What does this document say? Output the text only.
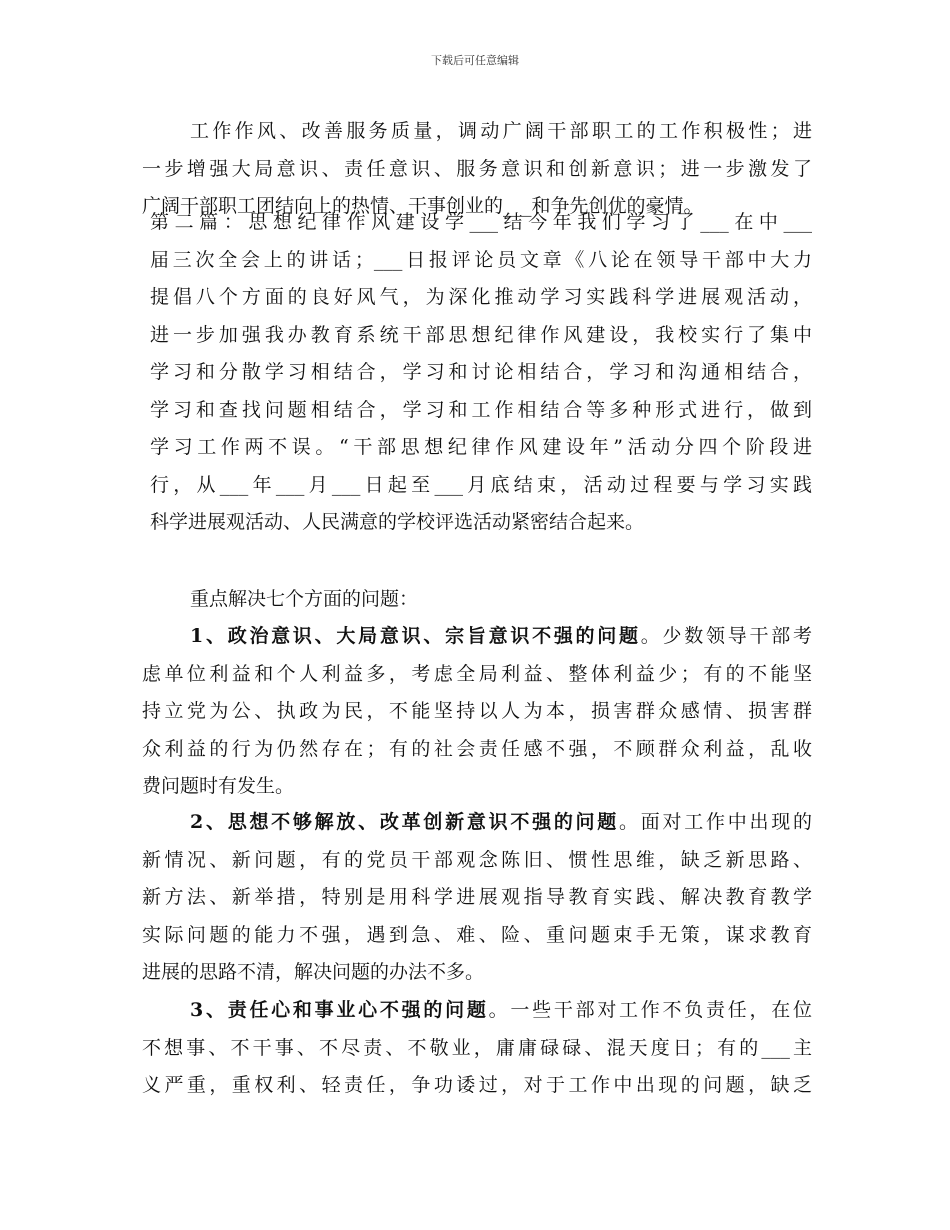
下载后可任意编辑
工作作风、改善服务质量，调动广阔干部职工的工作积极性；进
一步增强大局意识、责任意识、服务意识和创新意识；进一步激发了
广阔干部职工团结向上的热情、干事创业的___和争先创优的豪情。
第二篇：思想纪律作风建设学___结今年我们学习了___在中___
届三次全会上的讲话；___日报评论员文章《八论在领导干部中大力
提倡八个方面的良好风气，为深化推动学习实践科学进展观活动，
进一步加强我办教育系统干部思想纪律作风建设，我校实行了集中
学习和分散学习相结合，学习和讨论相结合，学习和沟通相结合，
学习和查找问题相结合，学习和工作相结合等多种形式进行，做到
学习工作两不误。“干部思想纪律作风建设年”活动分四个阶段进
行，从___年___月___日起至___月底结束，活动过程要与学习实践
科学进展观活动、人民满意的学校评选活动紧密结合起来。
重点解决七个方面的问题：
1、政治意识、大局意识、宗旨意识不强的问题。少数领导干部考
虑单位利益和个人利益多，考虑全局利益、整体利益少；有的不能坚
持立党为公、执政为民，不能坚持以人为本，损害群众感情、损害群
众利益的行为仍然存在；有的社会责任感不强，不顾群众利益，乱收
费问题时有发生。
2、思想不够解放、改革创新意识不强的问题。面对工作中出现的
新情况、新问题，有的党员干部观念陈旧、惯性思维，缺乏新思路、
新方法、新举措，特别是用科学进展观指导教育实践、解决教育教学
实际问题的能力不强，遇到急、难、险、重问题束手无策，谋求教育
进展的思路不清，解决问题的办法不多。
3、责任心和事业心不强的问题。一些干部对工作不负责任，在位
不想事、不干事、不尽责、不敬业，庸庸碌碌、混天度日；有的___主
义严重，重权利、轻责任，争功诿过，对于工作中出现的问题，缺乏
